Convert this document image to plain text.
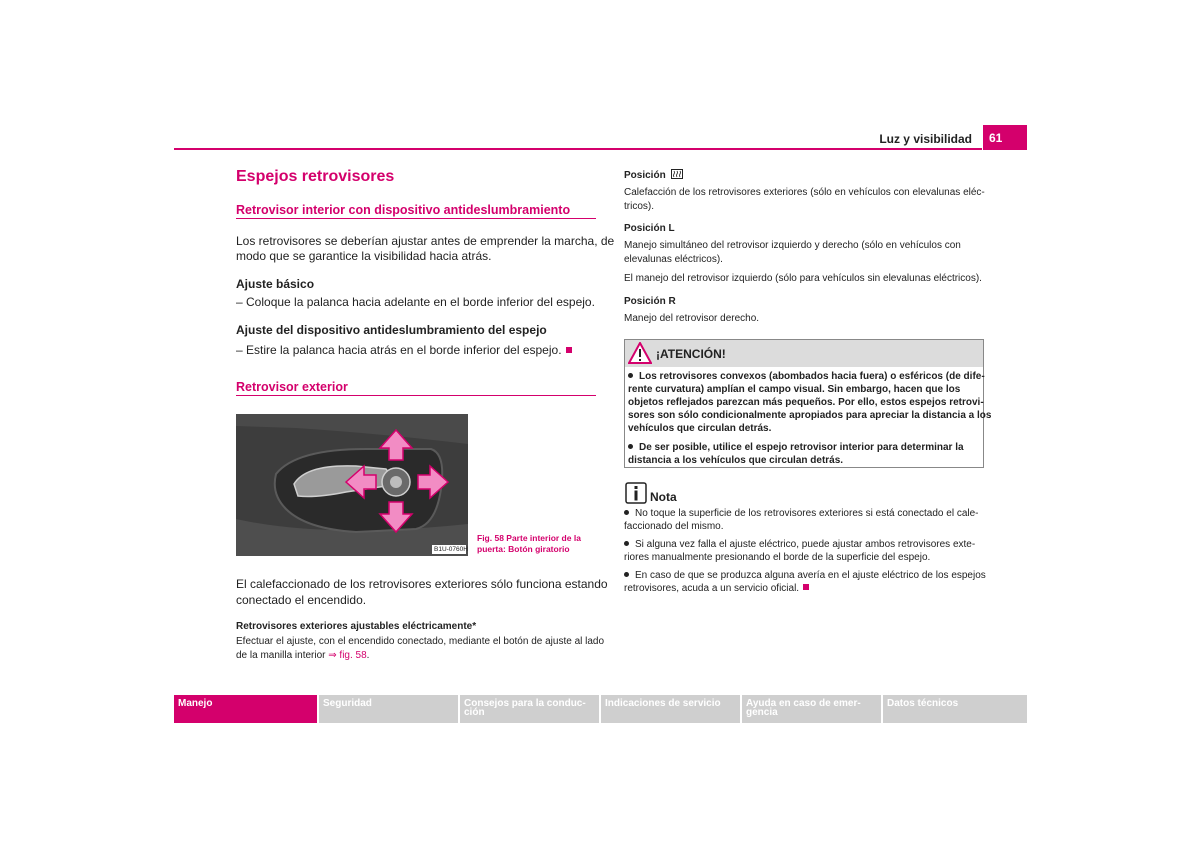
Luz y visibilidad	61
Espejos retrovisores
Retrovisor interior con dispositivo antideslumbramiento
Los retrovisores se deberían ajustar antes de emprender la marcha, de
modo que se garantice la visibilidad hacia atrás.
Ajuste básico
– Coloque la palanca hacia adelante en el borde inferior del espejo.
Ajuste del dispositivo antideslumbramiento del espejo
– Estire la palanca hacia atrás en el borde inferior del espejo.
Retrovisor exterior
B1U-0760H
Fig. 58 Parte interior de la
puerta: Botón giratorio
El calefaccionado de los retrovisores exteriores sólo funciona estando
conectado el encendido.
Retrovisores exteriores ajustables eléctricamente*
Efectuar el ajuste, con el encendido conectado, mediante el botón de ajuste al lado
de la manilla interior ⇒ fig. 58.
Posición
Calefacción de los retrovisores exteriores (sólo en vehículos con elevalunas eléc-
tricos).
Posición L
Manejo simultáneo del retrovisor izquierdo y derecho (sólo en vehículos con
elevalunas eléctricos).
El manejo del retrovisor izquierdo (sólo para vehículos sin elevalunas eléctricos).
Posición R
Manejo del retrovisor derecho.
¡ATENCIÓN!
Los retrovisores convexos (abombados hacia fuera) o esféricos (de dife-
rente curvatura) amplían el campo visual. Sin embargo, hacen que los
objetos reflejados parezcan más pequeños. Por ello, estos espejos retrovi-
sores son sólo condicionalmente apropiados para apreciar la distancia a los
vehículos que circulan detrás.
De ser posible, utilice el espejo retrovisor interior para determinar la
distancia a los vehículos que circulan detrás.
Nota
No toque la superficie de los retrovisores exteriores si está conectado el cale-
faccionado del mismo.
Si alguna vez falla el ajuste eléctrico, puede ajustar ambos retrovisores exte-
riores manualmente presionando el borde de la superficie del espejo.
En caso de que se produzca alguna avería en el ajuste eléctrico de los espejos
retrovisores, acuda a un servicio oficial.
Manejo	Seguridad	Consejos para la conduc-
ción
Indicaciones de servicio	Ayuda en caso de emer-
gencia
Datos técnicos
